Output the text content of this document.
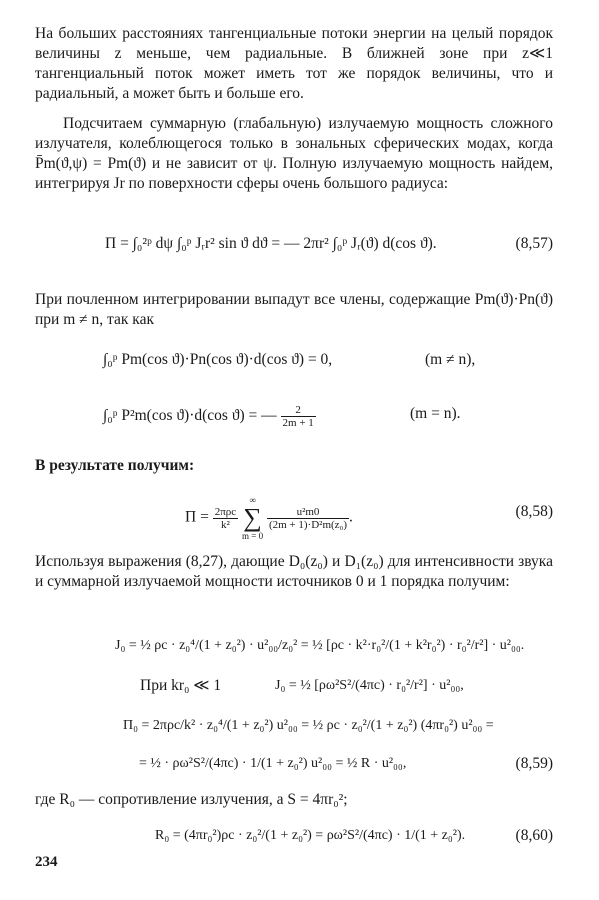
На больших расстояниях тангенциальные потоки энергии на целый порядок величины z меньше, чем радиальные. В ближней зоне при z≪1 тангенциальный поток может иметь тот же порядок величины, что и радиальный, а может быть и больше его.

Подсчитаем суммарную (глабальную) излучаемую мощность сложного излучателя, колеблющегося только в зональных сферических модах, когда P̄m(ϑ,ψ) = Pm(ϑ) и не зависит от ψ. Полную излучаемую мощность найдем, интегрируя Jr по поверхности сферы очень большого радиуса:

Π = ∫₀²ᵖ dψ ∫₀ᵖ Jᵣr² sin ϑ dϑ = — 2πr² ∫₀ᵖ Jᵣ(ϑ) d(cos ϑ).	(8,57)

При почленном интегрировании выпадут все члены, содержащие Pm(ϑ)·Pn(ϑ) при m ≠ n, так как

∫₀ᵖ Pm(cos ϑ)·Pn(cos ϑ)·d(cos ϑ) = 0,	(m ≠ n),
∫₀ᵖ P²m(cos ϑ)·d(cos ϑ) = — $\frac{2}{2m + 1}$	(m = n).

В результате получим:

$\Pi = \frac{\text{2πρc}}{\text{k²}}$

∞
∑
m = 0

$\frac{\text{u²m0}}{\text{(2m + 1)·D²m(z₀)}}$ .	(8,58)

Используя выражения (8,27), дающие D₀(z₀) и D₁(z₀) для интенсивности звука и суммарной излучаемой мощности источников 0 и 1 порядка получим:

J₀ = ½ ρc · z₀⁴/(1 + z₀²) · u²₀₀/z₀² = ½ [ρc · k²·r₀²/(1 + k²r₀²) · r₀²/r²] · u²₀₀.
При kr₀ ≪ 1	J₀ = ½ [ρω²S²/(4πc) · r₀²/r²] · u²₀₀,
Π₀ = 2πρc/k² · z₀⁴/(1 + z₀²) u²₀₀ = ½ ρc · z₀²/(1 + z₀²) (4πr₀²) u²₀₀ =
= ½ · ρω²S²/(4πc) · 1/(1 + z₀²) u²₀₀ = ½ R · u²₀₀,	(8,59)

где R₀ — сопротивление излучения, а S = 4πr₀²;

R₀ = (4πr₀²)ρc · z₀²/(1 + z₀²) = ρω²S²/(4πc) · 1/(1 + z₀²).	(8,60)
234
